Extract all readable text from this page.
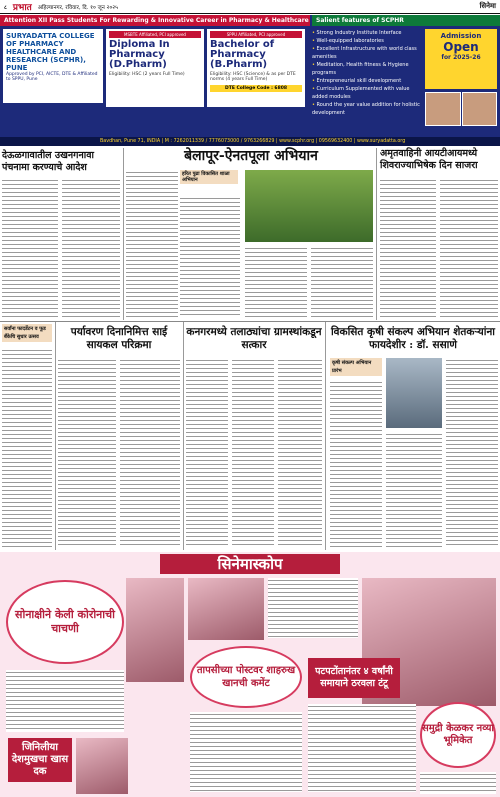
८ प्रभात अहिल्यानगर, रविवार, दि. १० जून २०२५	सिनेमा
Attention XII Pass Students For Rewarding & Innovative Career in Pharmacy & Healthcare	Salient features of SCPHR
SURYADATTA COLLEGE OF PHARMACY HEALTHCARE AND RESEARCH (SCPHR), PUNE
Approved by PCI, AICTE, DTE & Affiliated to SPPU, Pune
MSBTE Affiliated, PCI approved
Diploma In Pharmacy (D.Pharm)
Eligibility: HSC (2 years Full Time)
SPPU Affiliated, PCI approved
Bachelor of Pharmacy (B.Pharm)
Eligibility: HSC (Science) & as per DTE norms (4 years Full Time)
DTE College Code : 6808
• Strong Industry Institute Interface
• Well-equipped laboratories
• Excellent Infrastructure with world class amenities
• Meditation, Health fitness & Hygiene programs
• Entrepreneurial skill development
• Curriculum Supplemented with value added modules
• Round the year value addition for holistic development
Admission
Open
for 2025-26
Bavdhan, Pune 71, INDIA | M : 7262011339 / 7776073000 / 9763266829 | www.scphr.org | 09569632400 | www.suryadatta.org
देऊळगावातील उखनगनावा पंचनामा करण्याचे आदेश
बेलापूर-ऐनतपूला अभियान
हरित पुढा विकासित शाळा अभियान
अमृतवाहिनी आयटीआयमध्ये शिवराज्याभिषेक दिन साजरा
सर्वांना फादर्डेटन व फूड बँकेचि सुधार उत्सव	पर्यावरण दिनानिमित्त साई सायकल परिक्रमा
कनगरमध्ये तलाठ्यांचा ग्रामस्थांकडून सत्कार
विकसित कृषी संकल्प अभियान शेतकऱ्यांना फायदेशीर : डॉ. ससाणे
कृषी संकल्प अभियान प्रारंभ
सिनेमास्कोप
सोनाक्षीने केली कोरोनाची चाचणी
जिनिलीया देशमुखचा खास दक
तापसीच्या पोस्टवर शाहरुख खानची कमेंट
पटपटोंतानंतर ४ वर्षांनी समायाने ठरवला टंटू
समुद्री केळकर नव्या भूमिकेत
